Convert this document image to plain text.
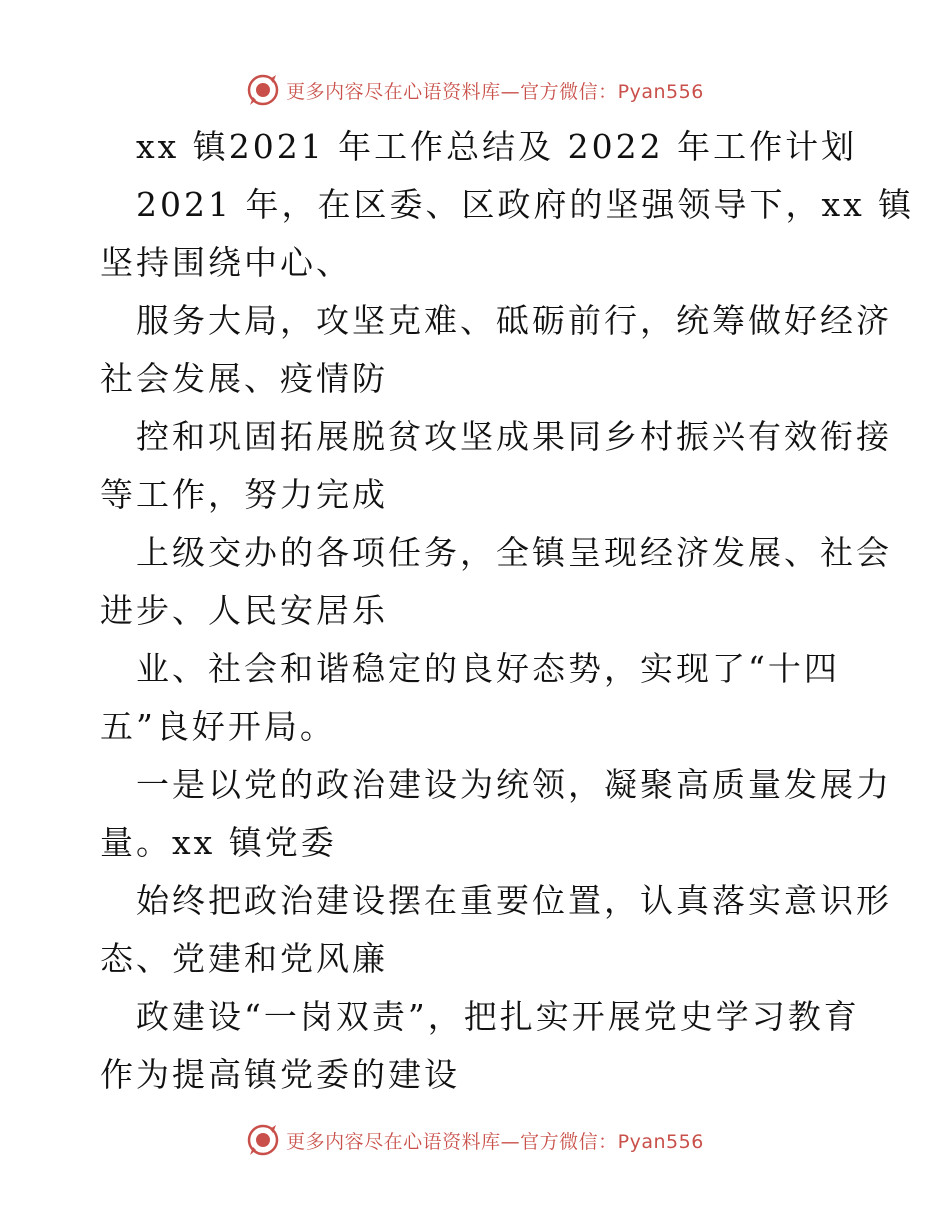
更多内容尽在心语资料库—官方微信：Pyan556
xx 镇2021 年工作总结及 2022 年工作计划
2021 年，在区委、区政府的坚强领导下，xx 镇
坚持围绕中心、
服务大局，攻坚克难、砥砺前行，统筹做好经济
社会发展、疫情防
控和巩固拓展脱贫攻坚成果同乡村振兴有效衔接
等工作，努力完成
上级交办的各项任务，全镇呈现经济发展、社会
进步、人民安居乐
业、社会和谐稳定的良好态势，实现了“十四
五”良好开局。
一是以党的政治建设为统领，凝聚高质量发展力
量。xx 镇党委
始终把政治建设摆在重要位置，认真落实意识形
态、党建和党风廉
政建设“一岗双责”，把扎实开展党史学习教育
作为提高镇党委的建设
更多内容尽在心语资料库—官方微信：Pyan556
